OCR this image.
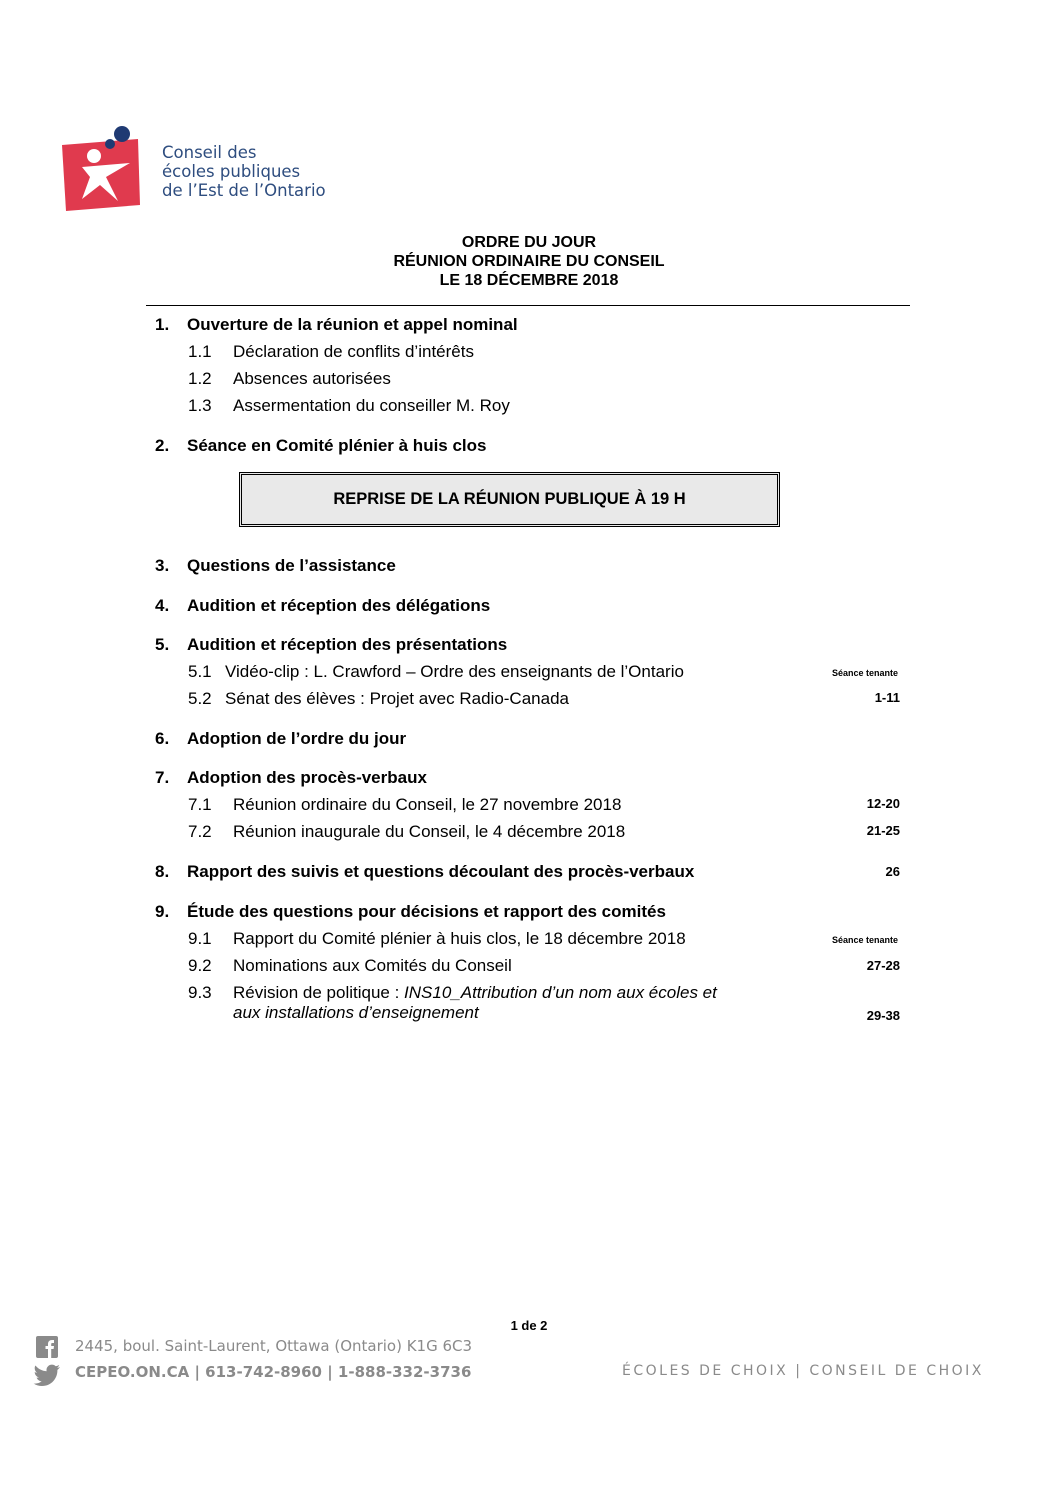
Conseil des
écoles publiques
de l’Est de l’Ontario
ORDRE DU JOUR
RÉUNION ORDINAIRE DU CONSEIL
LE 18 DÉCEMBRE 2018
1. Ouverture de la réunion et appel nominal
1.1 Déclaration de conflits d’intérêts
1.2 Absences autorisées
1.3 Assermentation du conseiller M. Roy
2. Séance en Comité plénier à huis clos
REPRISE DE LA RÉUNION PUBLIQUE À 19 H
3. Questions de l’assistance
4. Audition et réception des délégations
5. Audition et réception des présentations
5.1 Vidéo-clip : L. Crawford – Ordre des enseignants de l’Ontario	Séance tenante
5.2 Sénat des élèves : Projet avec Radio-Canada	1-11
6. Adoption de l’ordre du jour
7. Adoption des procès-verbaux
7.1 Réunion ordinaire du Conseil, le 27 novembre 2018	12-20
7.2 Réunion inaugurale du Conseil, le 4 décembre 2018	21-25
8. Rapport des suivis et questions découlant des procès-verbaux	26
9. Étude des questions pour décisions et rapport des comités
9.1 Rapport du Comité plénier à huis clos, le 18 décembre 2018	Séance tenante
9.2 Nominations aux Comités du Conseil	27-28
9.3 Révision de politique : INS10_Attribution d’un nom aux écoles et
aux installations d’enseignement	29-38
1 de 2
2445, boul. Saint-Laurent, Ottawa (Ontario) K1G 6C3
CEPEO.ON.CA | 613-742-8960 | 1-888-332-3736	ÉCOLES DE CHOIX | CONSEIL DE CHOIX
